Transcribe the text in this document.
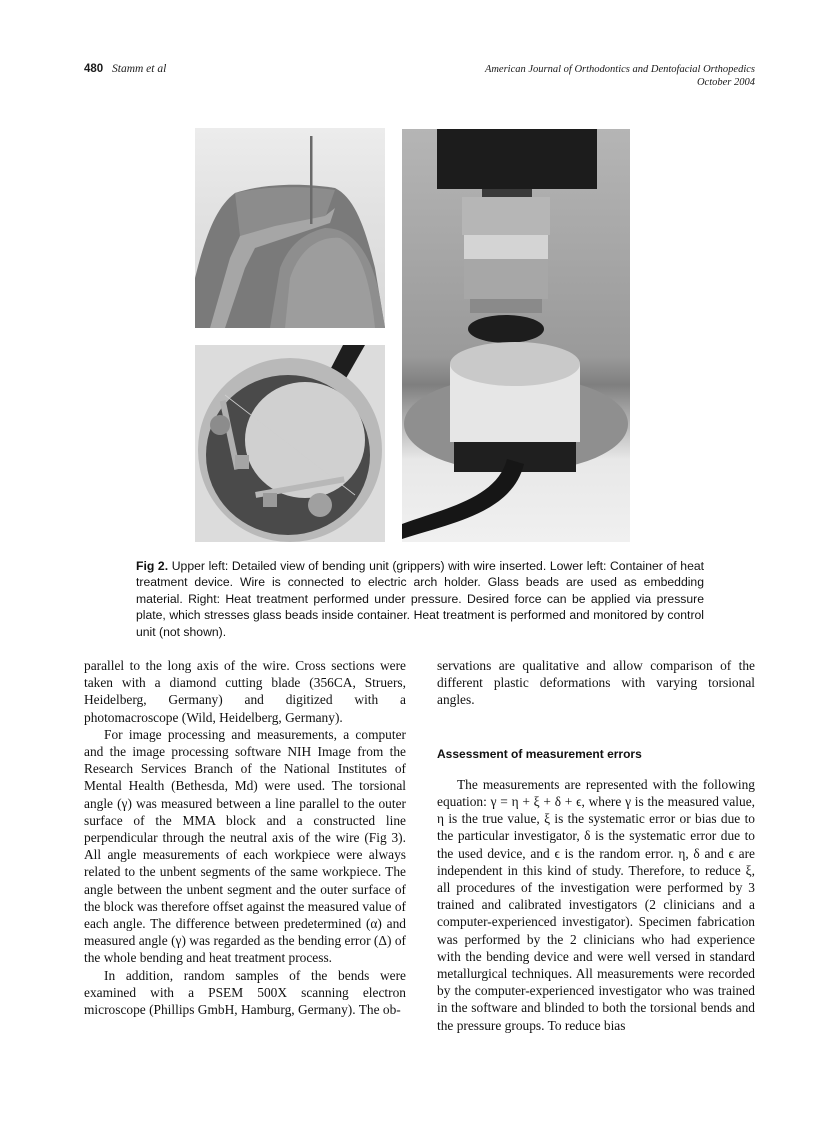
480 Stamm et al	American Journal of Orthodontics and Dentofacial Orthopedics
October 2004
Fig 2. Upper left: Detailed view of bending unit (grippers) with wire inserted. Lower left: Container of heat treatment device. Wire is connected to electric arch holder. Glass beads are used as embedding material. Right: Heat treatment performed under pressure. Desired force can be applied via pressure plate, which stresses glass beads inside container. Heat treatment is performed and monitored by control unit (not shown).

parallel to the long axis of the wire. Cross sections were taken with a diamond cutting blade (356CA, Struers, Heidelberg, Germany) and digitized with a photomacroscope (Wild, Heidelberg, Germany).

For image processing and measurements, a computer and the image processing software NIH Image from the Research Services Branch of the National Institutes of Mental Health (Bethesda, Md) were used. The torsional angle (γ) was measured between a line parallel to the outer surface of the MMA block and a constructed line perpendicular through the neutral axis of the wire (Fig 3). All angle measurements of each workpiece were always related to the unbent segments of the same workpiece. The angle between the unbent segment and the outer surface of the block was therefore offset against the measured value of each angle. The difference between predetermined (α) and measured angle (γ) was regarded as the bending error (Δ) of the whole bending and heat treatment process.

In addition, random samples of the bends were examined with a PSEM 500X scanning electron microscope (Phillips GmbH, Hamburg, Germany). The ob-

servations are qualitative and allow comparison of the different plastic deformations with varying torsional angles.

Assessment of measurement errors

The measurements are represented with the following equation: γ = η + ξ + δ + ϵ, where γ is the measured value, η is the true value, ξ is the systematic error or bias due to the particular investigator, δ is the systematic error due to the used device, and ϵ is the random error. η, δ and ϵ are independent in this kind of study. Therefore, to reduce ξ, all procedures of the investigation were performed by 3 trained and calibrated investigators (2 clinicians and a computer-experienced investigator). Specimen fabrication was performed by the 2 clinicians who had experience with the bending device and were well versed in standard metallurgical techniques. All measurements were recorded by the computer-experienced investigator who was trained in the software and blinded to both the torsional bends and the pressure groups. To reduce bias
